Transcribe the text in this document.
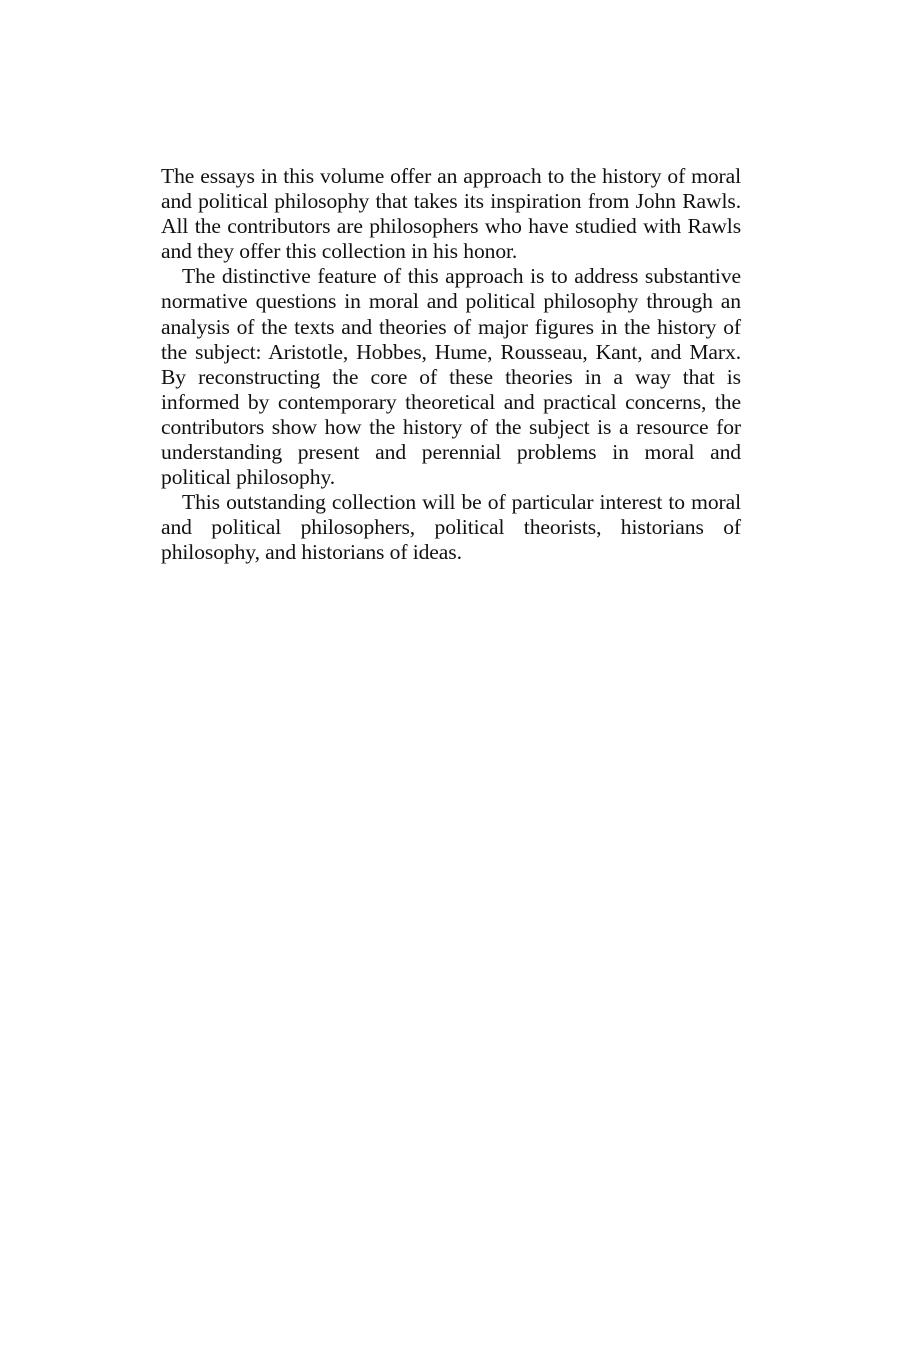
The essays in this volume offer an approach to the history of moral and political philosophy that takes its inspiration from John Rawls. All the contributors are philosophers who have studied with Rawls and they offer this collection in his honor.

The distinctive feature of this approach is to address substantive normative questions in moral and political philosophy through an analysis of the texts and theories of major figures in the history of the subject: Aristotle, Hobbes, Hume, Rousseau, Kant, and Marx. By reconstructing the core of these theories in a way that is informed by contemporary theoretical and practical concerns, the contributors show how the history of the subject is a resource for understanding present and perennial problems in moral and political philosophy.

This outstanding collection will be of particular interest to moral and political philosophers, political theorists, historians of philosophy, and historians of ideas.
